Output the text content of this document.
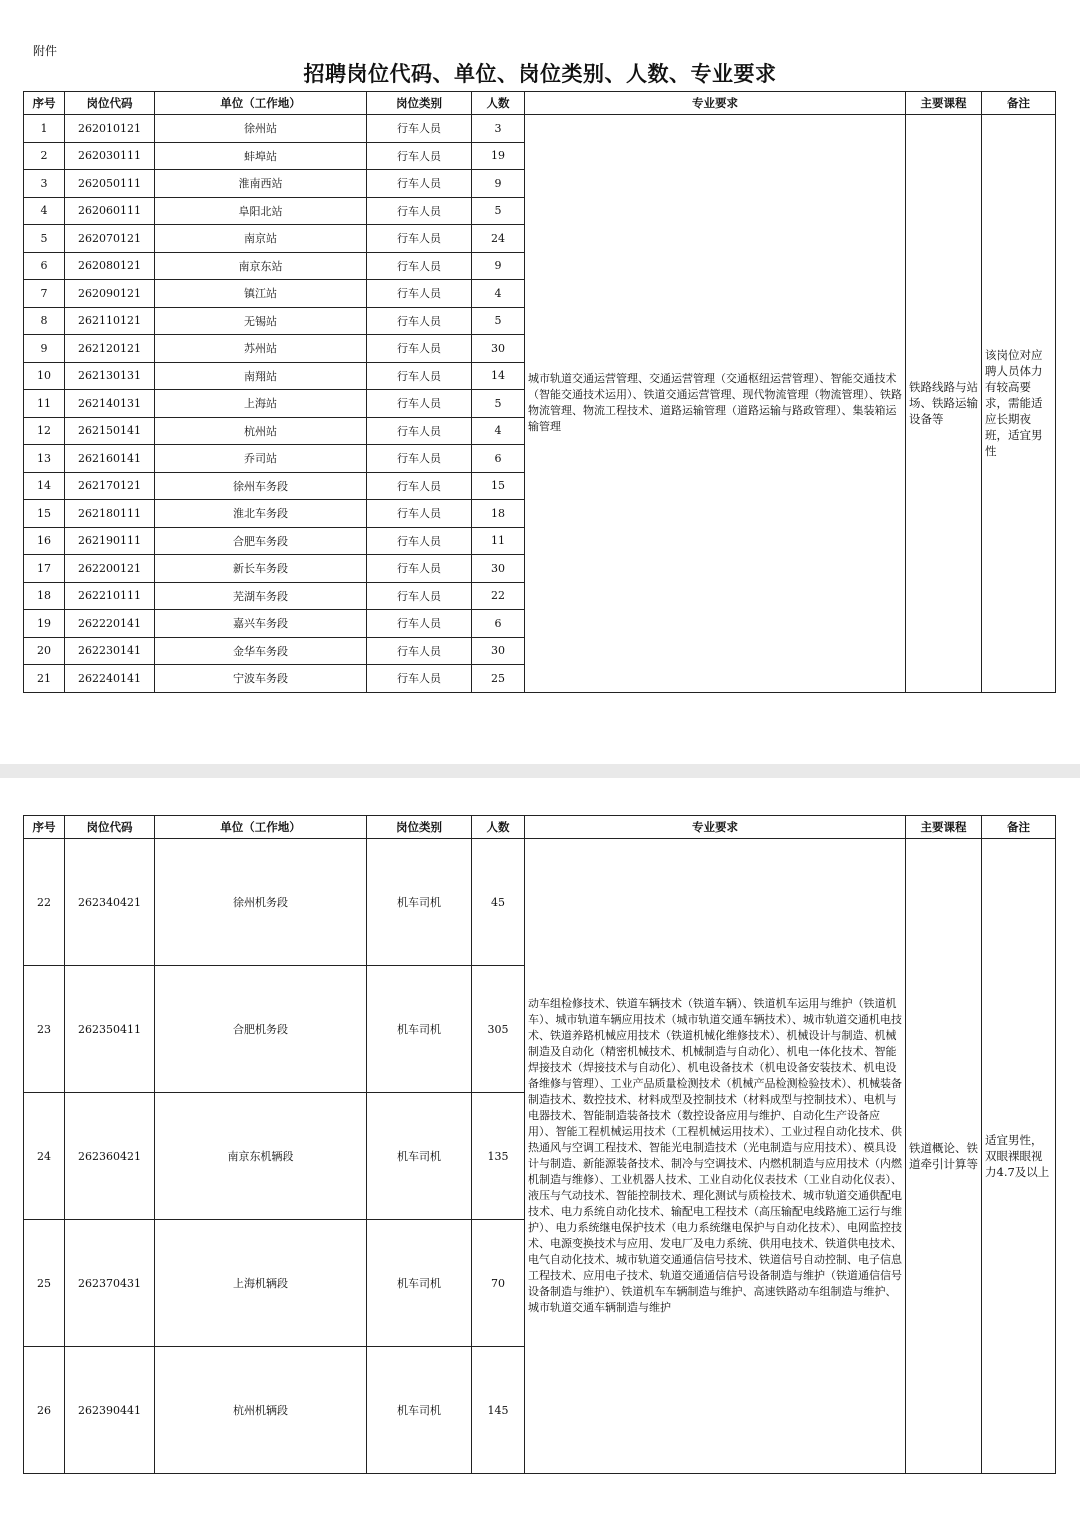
附件
招聘岗位代码、单位、岗位类别、人数、专业要求
序号	岗位代码	单位（工作地）	岗位类别	人数	专业要求	主要课程	备注
1	262010121	徐州站	行车人员	3	城市轨道交通运营管理、交通运营管理（交通枢纽运营管理）、智能交通技术（智能交通技术运用）、铁道交通运营管理、现代物流管理（物流管理）、铁路物流管理、物流工程技术、道路运输管理（道路运输与路政管理）、集装箱运输管理	铁路线路与站场、铁路运输设备等	该岗位对应聘人员体力有较高要求，需能适应长期夜班，适宜男性
2	262030111	蚌埠站	行车人员	19			
3	262050111	淮南西站	行车人员	9			
4	262060111	阜阳北站	行车人员	5			
5	262070121	南京站	行车人员	24			
6	262080121	南京东站	行车人员	9			
7	262090121	镇江站	行车人员	4			
8	262110121	无锡站	行车人员	5			
9	262120121	苏州站	行车人员	30			
10	262130131	南翔站	行车人员	14			
11	262140131	上海站	行车人员	5			
12	262150141	杭州站	行车人员	4			
13	262160141	乔司站	行车人员	6			
14	262170121	徐州车务段	行车人员	15			
15	262180111	淮北车务段	行车人员	18			
16	262190111	合肥车务段	行车人员	11			
17	262200121	新长车务段	行车人员	30			
18	262210111	芜湖车务段	行车人员	22			
19	262220141	嘉兴车务段	行车人员	6			
20	262230141	金华车务段	行车人员	30			
21	262240141	宁波车务段	行车人员	25			
序号	岗位代码	单位（工作地）	岗位类别	人数	专业要求	主要课程	备注
22	262340421	徐州机务段	机车司机	45	动车组检修技术、铁道车辆技术（铁道车辆）、铁道机车运用与维护（铁道机车）、城市轨道车辆应用技术（城市轨道交通车辆技术）、城市轨道交通机电技术、铁道养路机械应用技术（铁道机械化维修技术）、机械设计与制造、机械制造及自动化（精密机械技术、机械制造与自动化）、机电一体化技术、智能焊接技术（焊接技术与自动化）、机电设备技术（机电设备安装技术、机电设备维修与管理）、工业产品质量检测技术（机械产品检测检验技术）、机械装备制造技术、数控技术、材料成型及控制技术（材料成型与控制技术）、电机与电器技术、智能制造装备技术（数控设备应用与维护、自动化生产设备应用）、智能工程机械运用技术（工程机械运用技术）、工业过程自动化技术、供热通风与空调工程技术、智能光电制造技术（光电制造与应用技术）、模具设计与制造、新能源装备技术、制冷与空调技术、内燃机制造与应用技术（内燃机制造与维修）、工业机器人技术、工业自动化仪表技术（工业自动化仪表）、液压与气动技术、智能控制技术、理化测试与质检技术、城市轨道交通供配电技术、电力系统自动化技术、输配电工程技术（高压输配电线路施工运行与维护）、电力系统继电保护技术（电力系统继电保护与自动化技术）、电网监控技术、电源变换技术与应用、发电厂及电力系统、供用电技术、铁道供电技术、电气自动化技术、城市轨道交通通信信号技术、铁道信号自动控制、电子信息工程技术、应用电子技术、轨道交通通信信号设备制造与维护（铁道通信信号设备制造与维护）、铁道机车车辆制造与维护、高速铁路动车组制造与维护、城市轨道交通车辆制造与维护	铁道概论、铁道牵引计算等	适宜男性，双眼裸眼视力4.7及以上
23	262350411	合肥机务段	机车司机	305			
24	262360421	南京东机辆段	机车司机	135			
25	262370431	上海机辆段	机车司机	70			
26	262390441	杭州机辆段	机车司机	145			
